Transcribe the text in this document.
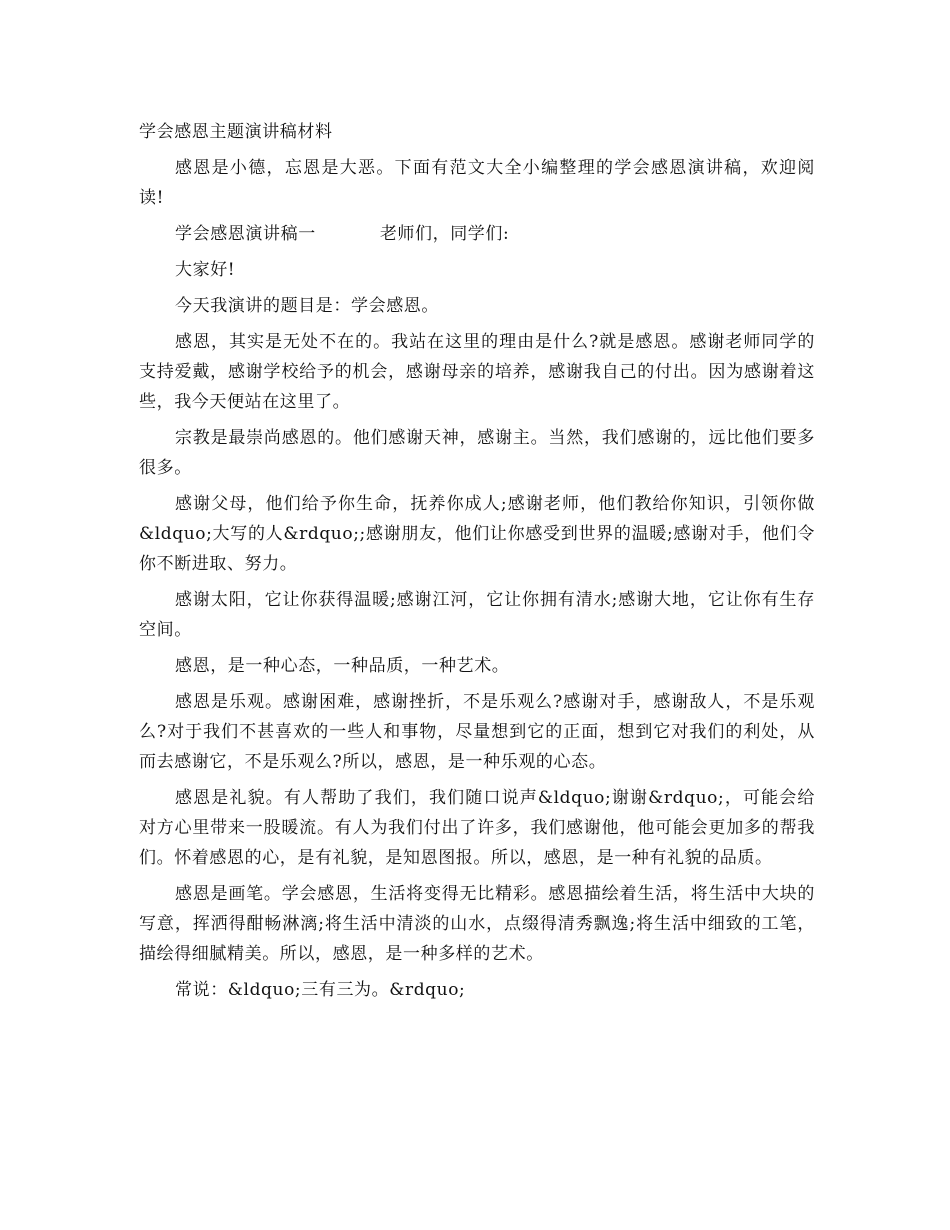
学会感恩主题演讲稿材料

感恩是小德，忘恩是大恶。下面有范文大全小编整理的学会感恩演讲稿，欢迎阅读!

学会感恩演讲稿一	老师们，同学们:

大家好!

今天我演讲的题目是：学会感恩。

感恩，其实是无处不在的。我站在这里的理由是什么?就是感恩。感谢老师同学的支持爱戴，感谢学校给予的机会，感谢母亲的培养，感谢我自己的付出。因为感谢着这些，我今天便站在这里了。

宗教是最崇尚感恩的。他们感谢天神，感谢主。当然，我们感谢的，远比他们要多很多。

感谢父母，他们给予你生命，抚养你成人;感谢老师，他们教给你知识，引领你做&ldquo;大写的人&rdquo;;感谢朋友，他们让你感受到世界的温暖;感谢对手，他们令你不断进取、努力。

感谢太阳，它让你获得温暖;感谢江河，它让你拥有清水;感谢大地，它让你有生存空间。

感恩，是一种心态，一种品质，一种艺术。

感恩是乐观。感谢困难，感谢挫折，不是乐观么?感谢对手，感谢敌人，不是乐观么?对于我们不甚喜欢的一些人和事物，尽量想到它的正面，想到它对我们的利处，从而去感谢它，不是乐观么?所以，感恩，是一种乐观的心态。

感恩是礼貌。有人帮助了我们，我们随口说声&ldquo;谢谢&rdquo;，可能会给对方心里带来一股暖流。有人为我们付出了许多，我们感谢他，他可能会更加多的帮我们。怀着感恩的心，是有礼貌，是知恩图报。所以，感恩，是一种有礼貌的品质。

感恩是画笔。学会感恩，生活将变得无比精彩。感恩描绘着生活，将生活中大块的写意，挥洒得酣畅淋漓;将生活中清淡的山水，点缀得清秀飘逸;将生活中细致的工笔，描绘得细腻精美。所以，感恩，是一种多样的艺术。

常说：&ldquo;三有三为。&rdquo;
